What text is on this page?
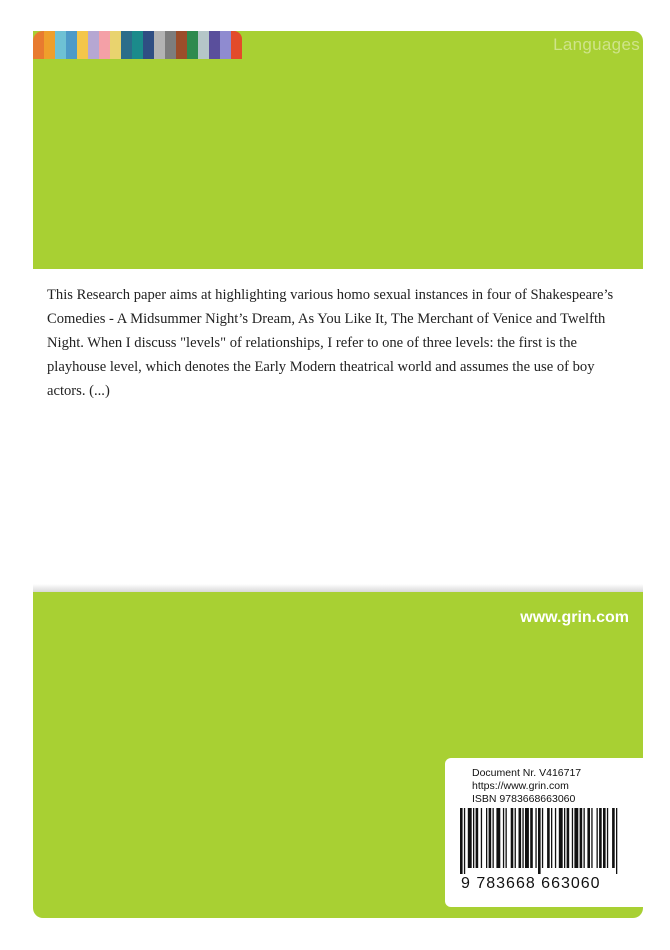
Languages
This Research paper aims at highlighting various homo sexual instances in four of Shakespeare’s Comedies - A Midsummer Night’s Dream, As You Like It, The Merchant of Venice and Twelfth Night. When I discuss "levels" of relationships, I refer to one of three levels: the first is the playhouse level, which denotes the Early Modern theatrical world and assumes the use of boy actors. (...)
www.grin.com
Document Nr. V416717
https://www.grin.com
ISBN 9783668663060
9 783668 663060
